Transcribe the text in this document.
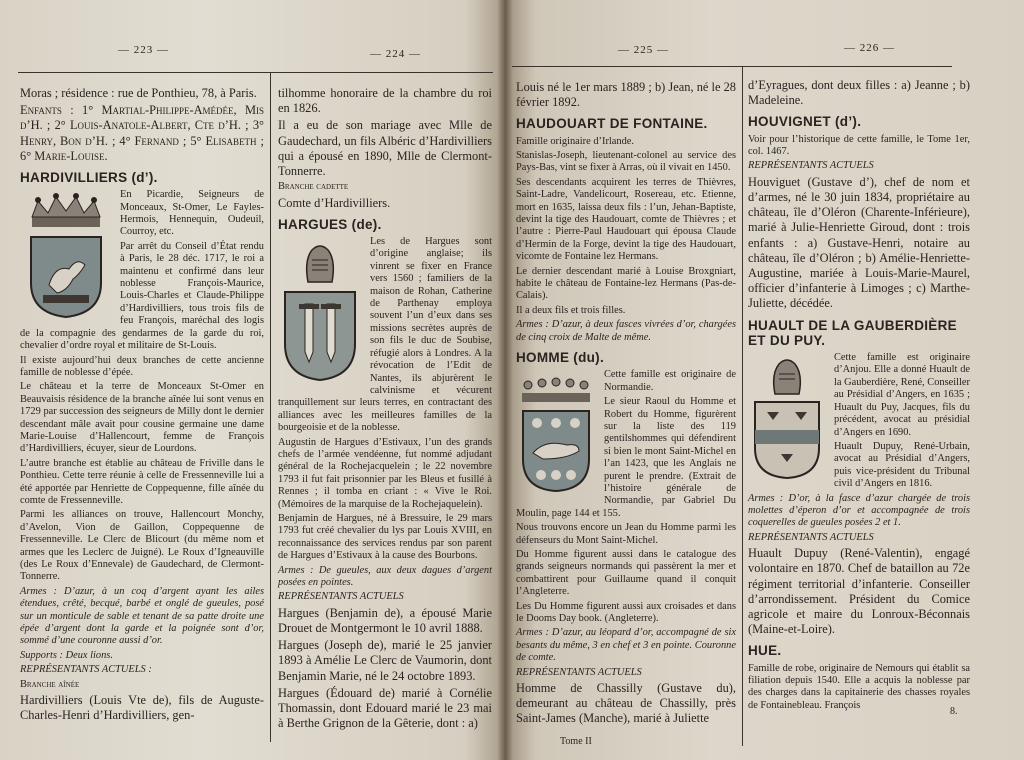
— 223 —	— 224 —	— 225 —	— 226 —

Moras ; résidence : rue de Ponthieu, 78, à Paris.

Enfants : 1° Martial-Philippe-Amédée, Mis d’H. ; 2° Louis-Anatole-Albert, Cte d’H. ; 3° Henry, Bon d’H. ; 4° Fernand ; 5° Elisabeth ; 6° Marie-Louise.

HARDIVILLIERS (d’).

En Picardie, Seigneurs de Monceaux, St-Omer, Le Fayles-Hermois, Hennequin, Oudeuil, Courroy, etc.

Par arrêt du Conseil d’État rendu à Paris, le 28 déc. 1717, le roi a maintenu et confirmé dans leur noblesse François-Maurice, Louis-Charles et Claude-Philippe d’Hardivilliers, tous trois fils de feu François, maréchal des logis de la compagnie des gendarmes de la garde du roi, chevalier d’ordre royal et militaire de St-Louis.

Il existe aujourd’hui deux branches de cette ancienne famille de noblesse d’épée.

Le château et la terre de Monceaux St-Omer en Beauvaisis résidence de la branche aînée lui sont venus en 1729 par succession des seigneurs de Milly dont le dernier descendant mâle avait pour cousine germaine une dame Marie-Louise d’Hallencourt, femme de François d’Hardivilliers, écuyer, sieur de Lourdons.

L’autre branche est établie au château de Friville dans le Ponthieu. Cette terre réunie à celle de Fressenneville lui a été apportée par Henriette de Coppequenne, fille aînée du comte de Fressenneville.

Parmi les alliances on trouve, Hallencourt Monchy, d’Avelon, Vion de Gaillon, Coppequenne de Fressenneville. Le Clerc de Blicourt (du même nom et armes que les Leclerc de Juigné). Le Roux d’Igneauville (des Le Roux d’Ennevale) de Gaudechard, de Clermont-Tonnerre.

Armes : D’azur, à un coq d’argent ayant les ailes étendues, crêté, becqué, barbé et onglé de gueules, posé sur un monticule de sable et tenant de sa patte droite une épée d’argent dont la garde et la poignée sont d’or, sommé d’une couronne aussi d’or.

Supports : Deux lions.

REPRÉSENTANTS ACTUELS :

Branche aînée

Hardivilliers (Louis Vte de), fils de Auguste-Charles-Henri d’Hardivilliers, gen-

tilhomme honoraire de la chambre du roi en 1826.

Il a eu de son mariage avec Mlle de Gaudechard, un fils Albéric d’Hardivilliers qui a épousé en 1890, Mlle de Clermont-Tonnerre.

Branche cadette

Comte d’Hardivilliers.

HARGUES (de).

Les de Hargues sont d’origine anglaise; ils vinrent se fixer en France vers 1560 ; familiers de la maison de Rohan, Catherine de Parthenay employa souvent l’un d’eux dans ses missions secrètes auprès de son fils le duc de Soubise, réfugié alors à Londres. A la révocation de l’Edit de Nantes, ils abjurèrent le calvinisme et vécurent tranquillement sur leurs terres, en contractant des alliances avec les meilleures familles de la bourgeoisie et de la noblesse.

Augustin de Hargues d’Estivaux, l’un des grands chefs de l’armée vendéenne, fut nommé adjudant général de la Rochejacquelein ; le 22 novembre 1793 il fut fait prisonnier par les Bleus et fusillé à Rennes ; il tomba en criant : « Vive le Roi. (Mémoires de la marquise de la Rochejaquelein).

Benjamin de Hargues, né à Bressuire, le 29 mars 1793 fut créé chevalier du lys par Louis XVIII, en reconnaissance des services rendus par son parent de Hargues d’Estivaux à la cause des Bourbons.

Armes : De gueules, aux deux dagues d’argent posées en pointes.

REPRÉSENTANTS ACTUELS

Hargues (Benjamin de), a épousé Marie Drouet de Montgermont le 10 avril 1888.

Hargues (Joseph de), marié le 25 janvier 1893 à Amélie Le Clerc de Vaumorin, dont Benjamin Marie, né le 24 octobre 1893.

Hargues (Édouard de) marié à Cornélie Thomassin, dont Edouard marié le 23 mai à Berthe Grignon de la Gêterie, dont : a)

Louis né le 1er mars 1889 ; b) Jean, né le 28 février 1892.

HAUDOUART DE FONTAINE.

Famille originaire d’Irlande.

Stanislas-Joseph, lieutenant-colonel au service des Pays-Bas, vint se fixer à Arras, où il vivait en 1450.

Ses descendants acquirent les terres de Thièvres, Saint-Ladre, Vandelicourt, Rosereau, etc. Etienne, mort en 1635, laissa deux fils : l’un, Jehan-Baptiste, devint la tige des Haudouart, comte de Thièvres ; et l’autre : Pierre-Paul Haudouart qui épousa Claude d’Hermin de la Forge, devint la tige des Haudouart, vicomte de Fontaine lez Hermans.

Le dernier descendant marié à Louise Broxgniart, habite le château de Fontaine-lez Hermans (Pas-de-Calais).

Il a deux fils et trois filles.

Armes : D’azur, à deux fasces vivrées d’or, chargées de cinq croix de Malte de même.

HOMME (du).

Cette famille est originaire de Normandie.

Le sieur Raoul du Homme et Robert du Homme, figurèrent sur la liste des 119 gentilshommes qui défendirent si bien le mont Saint-Michel en l’an 1423, que les Anglais ne purent le prendre. (Extrait de l’histoire générale de Normandie, par Gabriel Du Moulin, page 144 et 155.

Nous trouvons encore un Jean du Homme parmi les défenseurs du Mont Saint-Michel.

Du Homme figurent aussi dans le catalogue des grands seigneurs normands qui passèrent la mer et combattirent pour Guillaume quand il conquit l’Angleterre.

Les Du Homme figurent aussi aux croisades et dans le Dooms Day book. (Angleterre).

Armes : D’azur, au léopard d’or, accompagné de six besants du même, 3 en chef et 3 en pointe. Couronne de comte.

REPRÉSENTANTS ACTUELS

Homme de Chassilly (Gustave du), demeurant au château de Chassilly, près Saint-James (Manche), marié à Juliette

Tome II

d’Eyragues, dont deux filles : a) Jeanne ; b) Madeleine.

HOUVIGNET (d’).

Voir pour l’historique de cette famille, le Tome 1er, col. 1467.

REPRÉSENTANTS ACTUELS

Houviguet (Gustave d’), chef de nom et d’armes, né le 30 juin 1834, propriétaire au château, île d’Oléron (Charente-Inférieure), marié à Julie-Henriette Giroud, dont : trois enfants : a) Gustave-Henri, notaire au château, île d’Oléron ; b) Amélie-Henriette-Augustine, mariée à Louis-Marie-Maurel, officier d’infanterie à Limoges ; c) Marthe-Juliette, décédée.

HUAULT DE LA GAUBERDIÈRE ET DU PUY.

Cette famille est originaire d’Anjou. Elle a donné Huault de la Gauberdière, René, Conseiller au Présidial d’Angers, en 1635 ; Huault du Puy, Jacques, fils du précédent, avocat au présidial d’Angers en 1690.

Huault Dupuy, René-Urbain, avocat au Présidial d’Angers, puis vice-président du Tribunal civil d’Angers en 1816.

Armes : D’or, à la fasce d’azur chargée de trois molettes d’éperon d’or et accompagnée de trois coquerelles de gueules posées 2 et 1.

REPRÉSENTANTS ACTUELS

Huault Dupuy (René-Valentin), engagé volontaire en 1870. Chef de bataillon au 72e régiment territorial d’infanterie. Conseiller d’arrondissement. Président du Comice agricole et maire du Lonroux-Béconnais (Maine-et-Loire).

HUE.

Famille de robe, originaire de Nemours qui établit sa filiation depuis 1540. Elle a acquis la noblesse par des charges dans la capitainerie des chasses royales de Fontainebleau. François

8.
